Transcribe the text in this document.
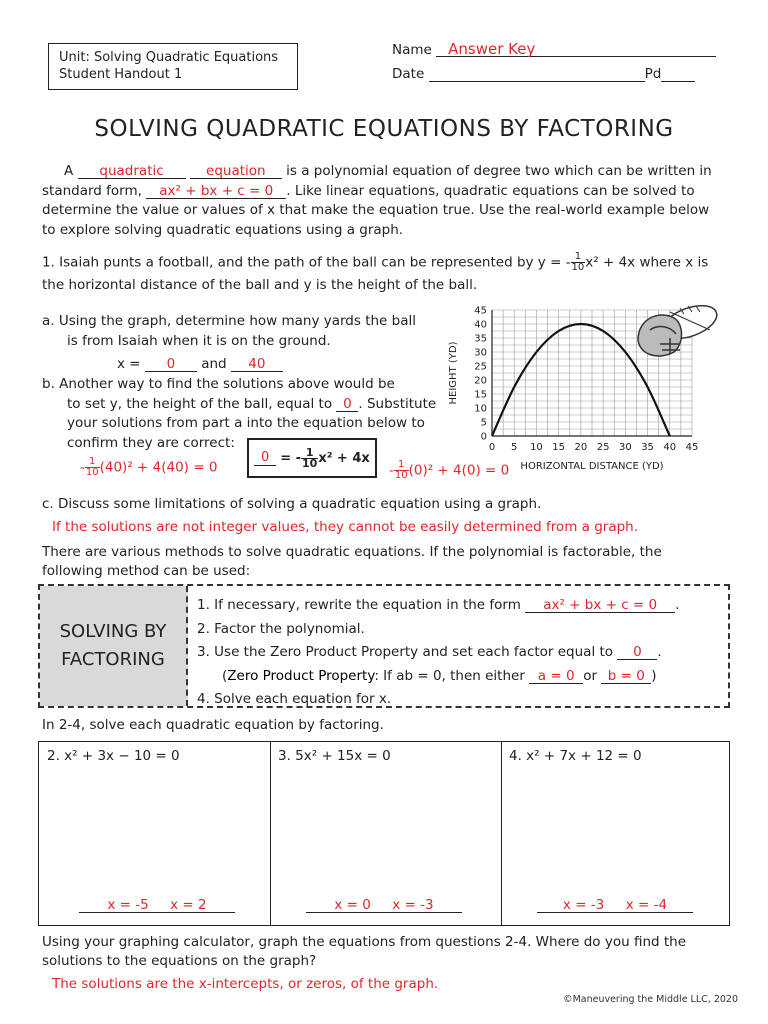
Unit: Solving Quadratic Equations
Student Handout 1
Name Answer Key
Date	Pd
SOLVING QUADRATIC EQUATIONS BY FACTORING
A quadratic	equation is a polynomial equation of degree two which can be written in
standard form, ax² + bx + c = 0 . Like linear equations, quadratic equations can be solved to
determine the value or values of x that make the equation true. Use the real-world example below
to explore solving quadratic equations using a graph.
1. Isaiah punts a football, and the path of the ball can be represented by y = - $\frac{1}{10} x^2 + 4x$ where x is
the horizontal distance of the ball and y is the height of the ball.
a. Using the graph, determine how many yards the ball
is from Isaiah when it is on the ground.
x = 0 and 40
b. Another way to find the solutions above would be
to set y, the height of the ball, equal to 0 . Substitute
your solutions from part a into the equation below to
confirm they are correct:
0 = - $\frac{1}{10} x^2 + 4x$
- $\frac{1}{10} (40)^2 + 4(40) = 0$	- $\frac{1}{10} (0)^2 + 4(0) = 0$
0 5 10 15 20 25 30 35 40 45
0
5
10
15
20
25
30
35
40
45
HORIZONTAL DISTANCE (YD)
HEIGHT (YD)
c. Discuss some limitations of solving a quadratic equation using a graph.
If the solutions are not integer values, they cannot be easily determined from a graph.
There are various methods to solve quadratic equations. If the polynomial is factorable, the
following method can be used:
SOLVING BY
FACTORING
1. If necessary, rewrite the equation in the form ax² + bx + c = 0 .
2. Factor the polynomial.
3. Use the Zero Product Property and set each factor equal to 0 .
(Zero Product Property: If ab = 0, then either a = 0 or b = 0 )
4. Solve each equation for x.
In 2-4, solve each quadratic equation by factoring.
2. x² + 3x − 10 = 0
x = -5 x = 2
3. 5x² + 15x = 0
x = 0 x = -3
4. x² + 7x + 12 = 0
x = -3 x = -4
Using your graphing calculator, graph the equations from questions 2-4. Where do you find the
solutions to the equations on the graph?
The solutions are the x-intercepts, or zeros, of the graph.
©Maneuvering the Middle LLC, 2020
